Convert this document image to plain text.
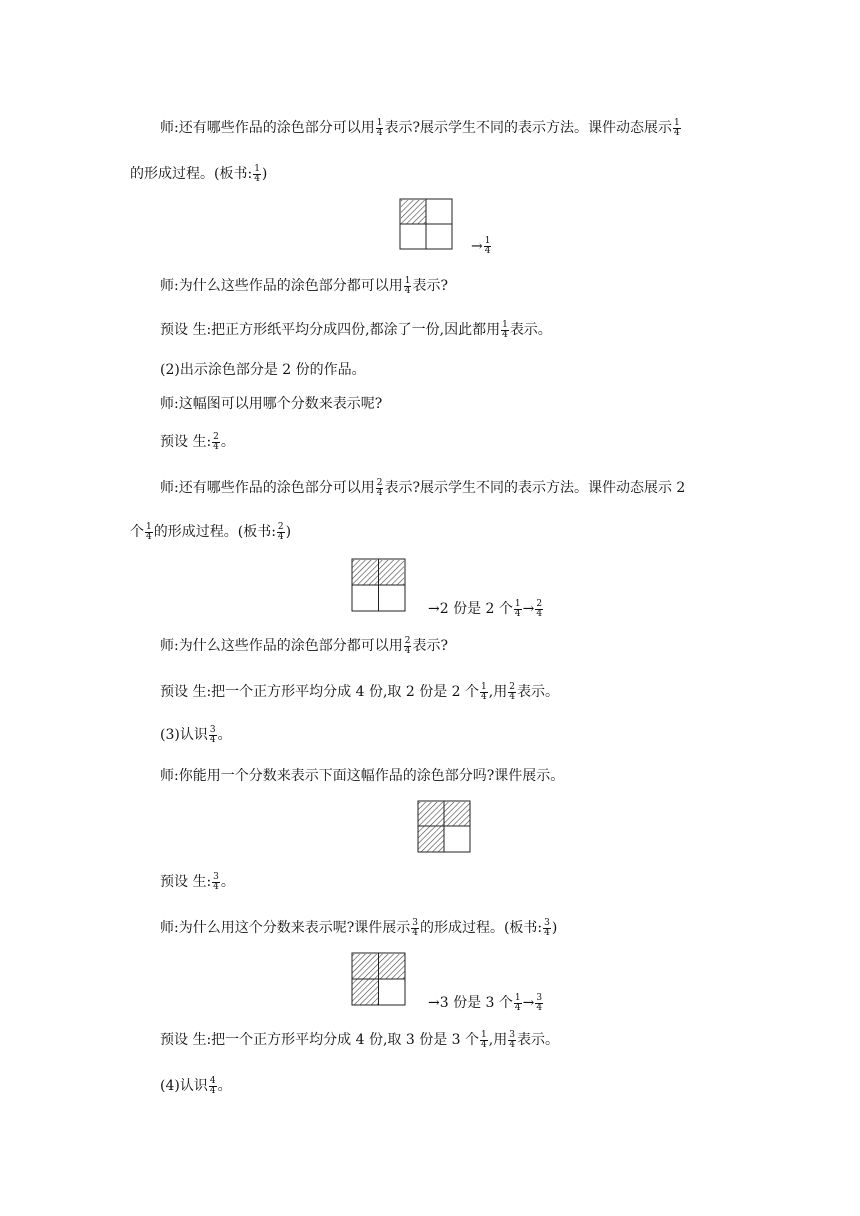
师:还有哪些作品的涂色部分可以用 $\frac{1}{4}$ 表示?展示学生不同的表示方法。课件动态展示 $\frac{1}{4}$
的形成过程。(板书: $\frac{1}{4}$ )
→ $\frac{1}{4}$
师:为什么这些作品的涂色部分都可以用 $\frac{1}{4}$ 表示?
预设 生:把正方形纸平均分成四份,都涂了一份,因此都用 $\frac{1}{4}$ 表示。
(2)出示涂色部分是 2 份的作品。
师:这幅图可以用哪个分数来表示呢?
预设 生: $\frac{2}{4}$ 。
师:还有哪些作品的涂色部分可以用 $\frac{2}{4}$ 表示?展示学生不同的表示方法。课件动态展示 2
个 $\frac{1}{4}$ 的形成过程。(板书: $\frac{2}{4}$ )
→2 份是 2 个 $\frac{1}{4} \to \frac{2}{4}$
师:为什么这些作品的涂色部分都可以用 $\frac{2}{4}$ 表示?
预设 生:把一个正方形平均分成 4 份,取 2 份是 2 个 $\frac{1}{4}$ ,用 $\frac{2}{4}$ 表示。
(3)认识 $\frac{3}{4}$ 。
师:你能用一个分数来表示下面这幅作品的涂色部分吗?课件展示。
预设 生: $\frac{3}{4}$ 。
师:为什么用这个分数来表示呢?课件展示 $\frac{3}{4}$ 的形成过程。(板书: $\frac{3}{4}$ )
→3 份是 3 个 $\frac{1}{4} \to \frac{3}{4}$
预设 生:把一个正方形平均分成 4 份,取 3 份是 3 个 $\frac{1}{4}$ ,用 $\frac{3}{4}$ 表示。
(4)认识 $\frac{4}{4}$ 。
